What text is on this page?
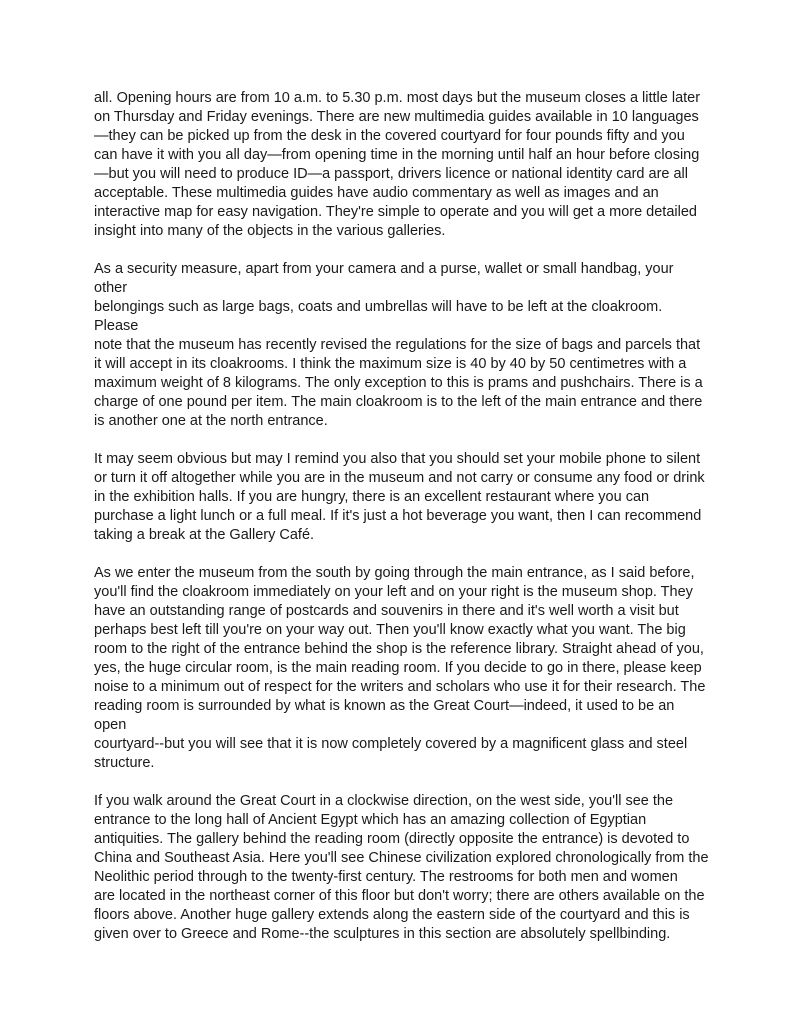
all. Opening hours are from 10 a.m. to 5.30 p.m. most days but the museum closes a little later
on Thursday and Friday evenings. There are new multimedia guides available in 10 languages
—they can be picked up from the desk in the covered courtyard for four pounds fifty and you
can have it with you all day—from opening time in the morning until half an hour before closing
—but you will need to produce ID—a passport, drivers licence or national identity card are all
acceptable. These multimedia guides have audio commentary as well as images and an
interactive map for easy navigation. They're simple to operate and you will get a more detailed
insight into many of the objects in the various galleries.

As a security measure, apart from your camera and a purse, wallet or small handbag, your other
belongings such as large bags, coats and umbrellas will have to be left at the cloakroom. Please
note that the museum has recently revised the regulations for the size of bags and parcels that
it will accept in its cloakrooms. I think the maximum size is 40 by 40 by 50 centimetres with a
maximum weight of 8 kilograms. The only exception to this is prams and pushchairs. There is a
charge of one pound per item. The main cloakroom is to the left of the main entrance and there
is another one at the north entrance.

It may seem obvious but may I remind you also that you should set your mobile phone to silent
or turn it off altogether while you are in the museum and not carry or consume any food or drink
in the exhibition halls. If you are hungry, there is an excellent restaurant where you can
purchase a light lunch or a full meal. If it's just a hot beverage you want, then I can recommend
taking a break at the Gallery Café.

As we enter the museum from the south by going through the main entrance, as I said before,
you'll find the cloakroom immediately on your left and on your right is the museum shop. They
have an outstanding range of postcards and souvenirs in there and it's well worth a visit but
perhaps best left till you're on your way out. Then you'll know exactly what you want. The big
room to the right of the entrance behind the shop is the reference library. Straight ahead of you,
yes, the huge circular room, is the main reading room. If you decide to go in there, please keep
noise to a minimum out of respect for the writers and scholars who use it for their research. The
reading room is surrounded by what is known as the Great Court—indeed, it used to be an open
courtyard--but you will see that it is now completely covered by a magnificent glass and steel
structure.

If you walk around the Great Court in a clockwise direction, on the west side, you'll see the
entrance to the long hall of Ancient Egypt which has an amazing collection of Egyptian
antiquities. The gallery behind the reading room (directly opposite the entrance) is devoted to
China and Southeast Asia. Here you'll see Chinese civilization explored chronologically from the
Neolithic period through to the twenty-first century. The restrooms for both men and women
are located in the northeast corner of this floor but don't worry; there are others available on the
floors above. Another huge gallery extends along the eastern side of the courtyard and this is
given over to Greece and Rome--the sculptures in this section are absolutely spellbinding.
